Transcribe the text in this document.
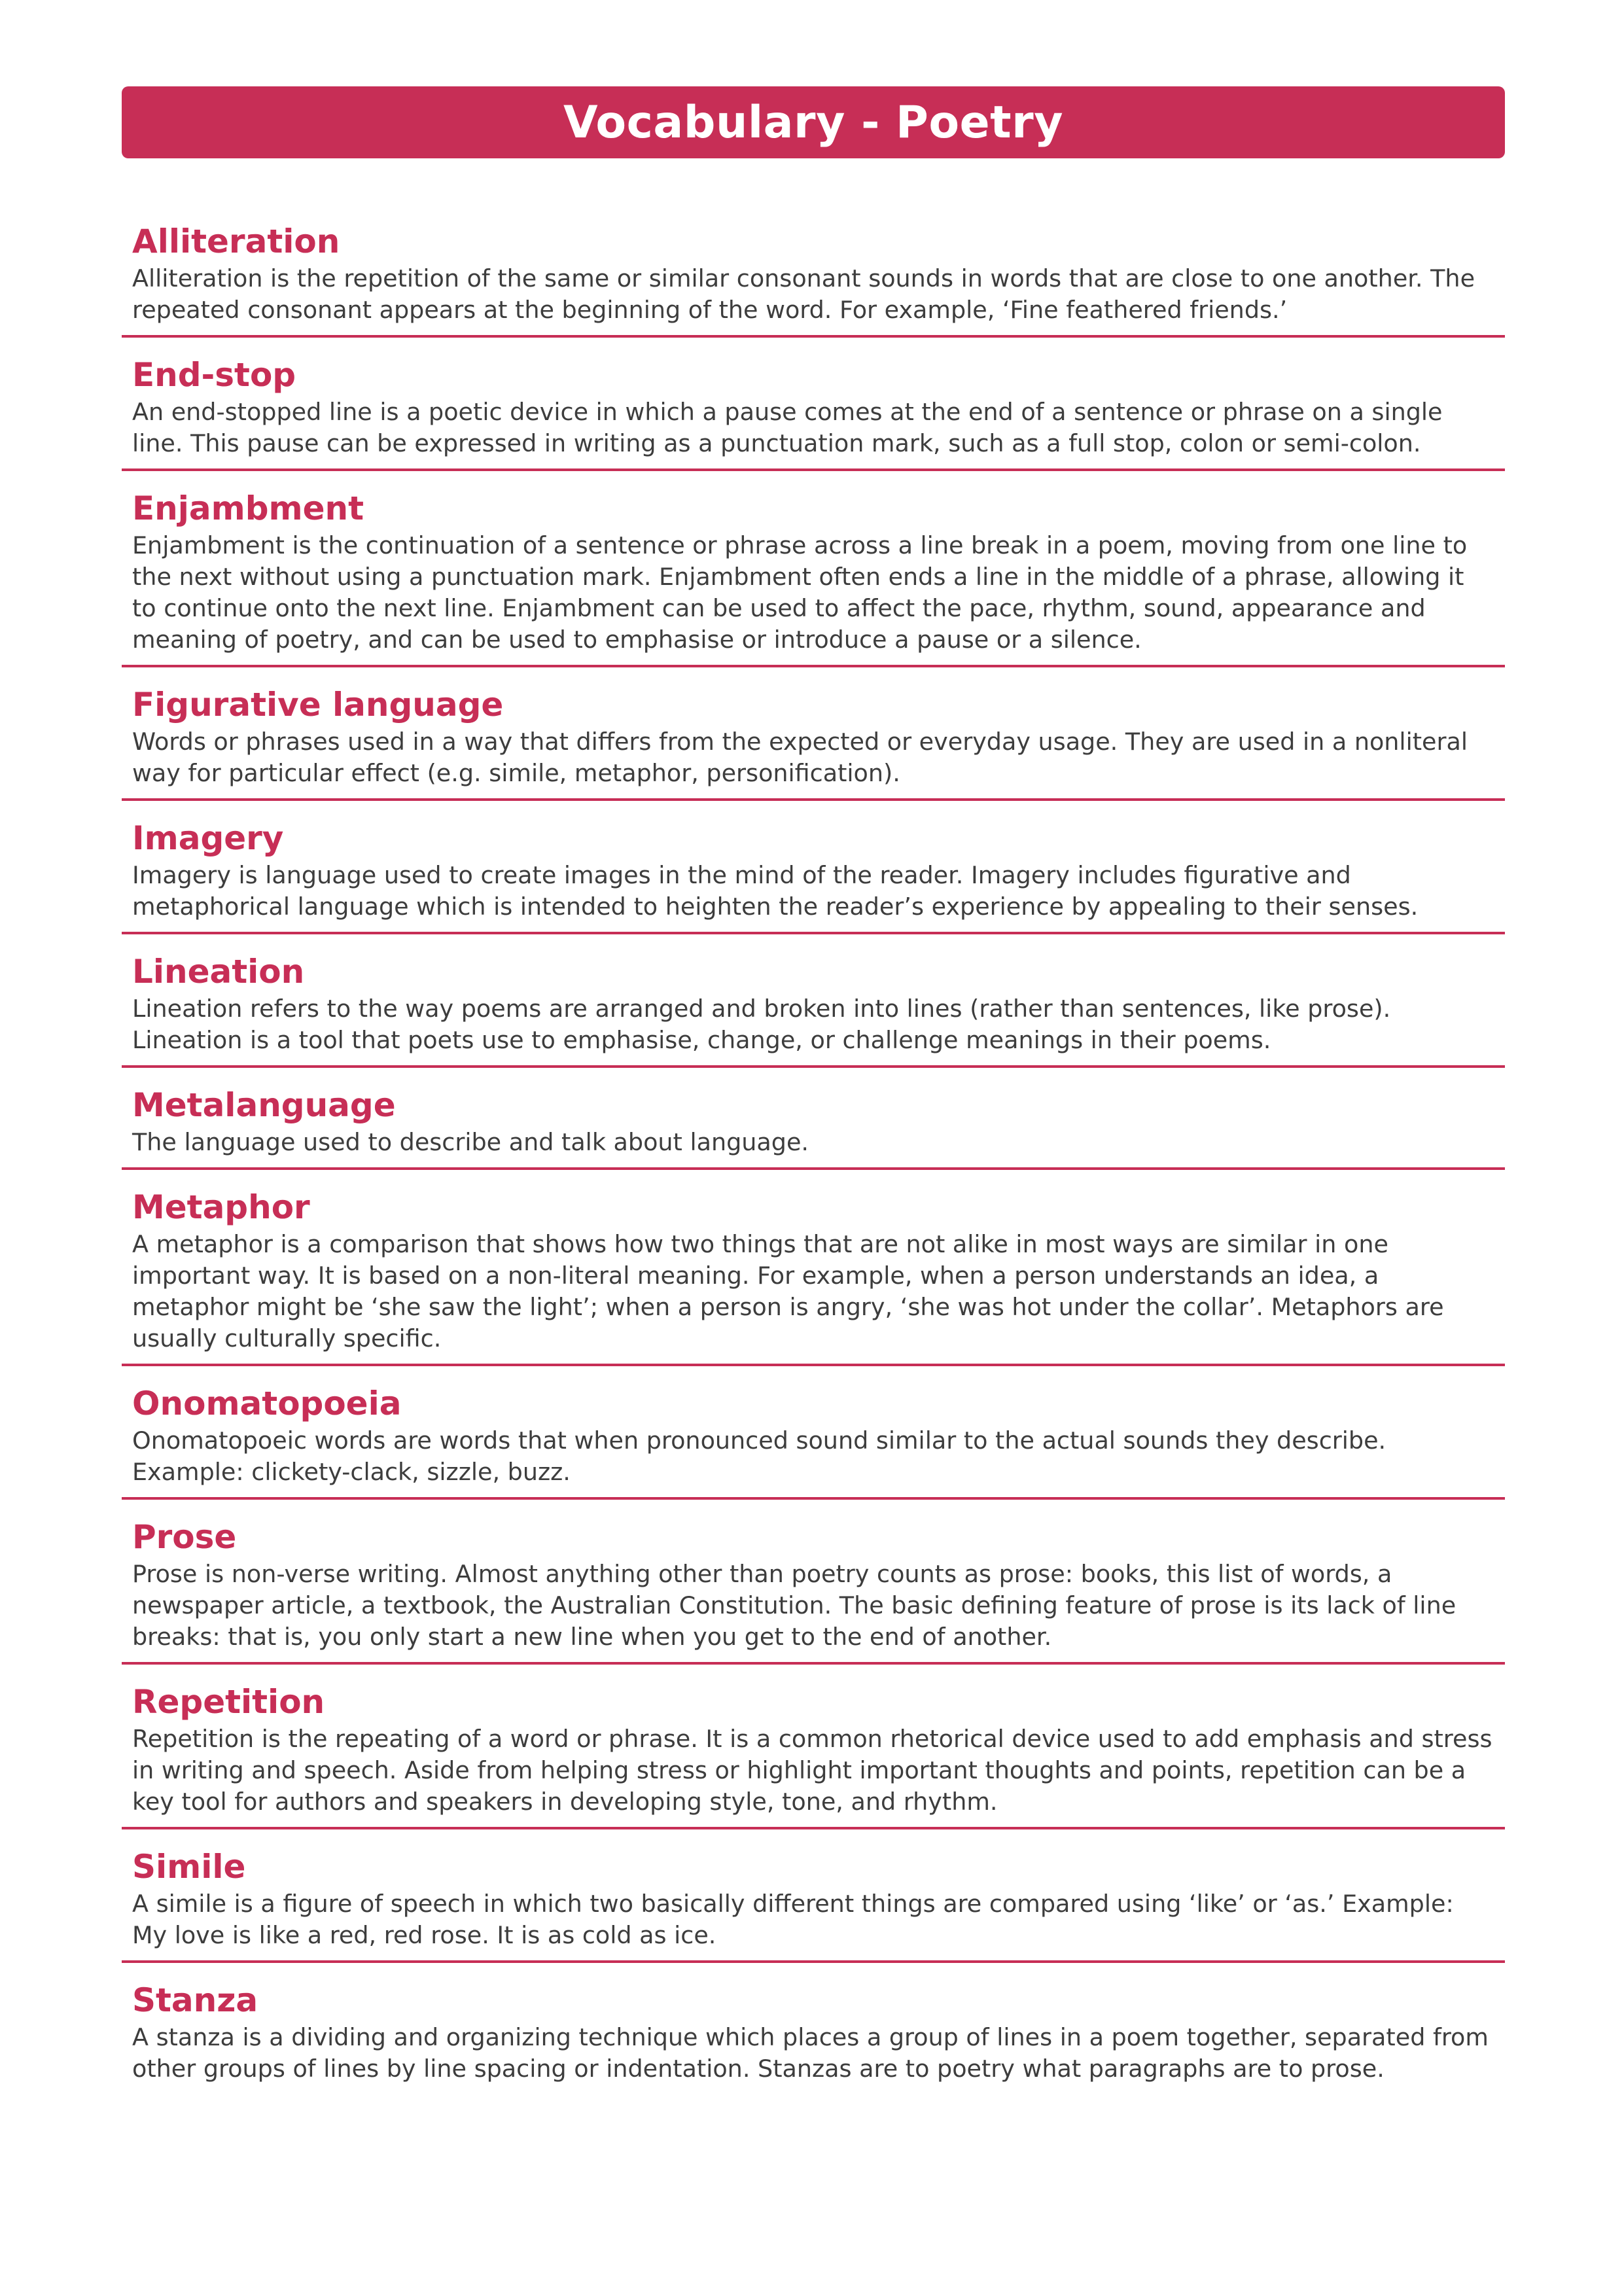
Vocabulary - Poetry

Alliteration

Alliteration is the repetition of the same or similar consonant sounds in words that are close to one another. The repeated consonant appears at the beginning of the word. For example, ‘Fine feathered friends.’

End-stop

An end-stopped line is a poetic device in which a pause comes at the end of a sentence or phrase on a single line. This pause can be expressed in writing as a punctuation mark, such as a full stop, colon or semi-colon.

Enjambment

Enjambment is the continuation of a sentence or phrase across a line break in a poem, moving from one line to the next without using a punctuation mark. Enjambment often ends a line in the middle of a phrase, allowing it to continue onto the next line. Enjambment can be used to affect the pace, rhythm, sound, appearance and meaning of poetry, and can be used to emphasise or introduce a pause or a silence.

Figurative language

Words or phrases used in a way that differs from the expected or everyday usage. They are used in a nonliteral way for particular effect (e.g. simile, metaphor, personification).

Imagery

Imagery is language used to create images in the mind of the reader. Imagery includes figurative and metaphorical language which is intended to heighten the reader’s experience by appealing to their senses.

Lineation

Lineation refers to the way poems are arranged and broken into lines (rather than sentences, like prose). Lineation is a tool that poets use to emphasise, change, or challenge meanings in their poems.

Metalanguage

The language used to describe and talk about language.

Metaphor

A metaphor is a comparison that shows how two things that are not alike in most ways are similar in one important way. It is based on a non-literal meaning. For example, when a person understands an idea, a metaphor might be ‘she saw the light’; when a person is angry, ‘she was hot under the collar’. Metaphors are usually culturally specific.

Onomatopoeia

Onomatopoeic words are words that when pronounced sound similar to the actual sounds they describe. Example: clickety-clack, sizzle, buzz.

Prose

Prose is non-verse writing. Almost anything other than poetry counts as prose: books, this list of words, a newspaper article, a textbook, the Australian Constitution. The basic defining feature of prose is its lack of line breaks: that is, you only start a new line when you get to the end of another.

Repetition

Repetition is the repeating of a word or phrase. It is a common rhetorical device used to add emphasis and stress in writing and speech. Aside from helping stress or highlight important thoughts and points, repetition can be a key tool for authors and speakers in developing style, tone, and rhythm.

Simile

A simile is a figure of speech in which two basically different things are compared using ‘like’ or ‘as.’ Example: My love is like a red, red rose. It is as cold as ice.

Stanza

A stanza is a dividing and organizing technique which places a group of lines in a poem together, separated from other groups of lines by line spacing or indentation. Stanzas are to poetry what paragraphs are to prose.
